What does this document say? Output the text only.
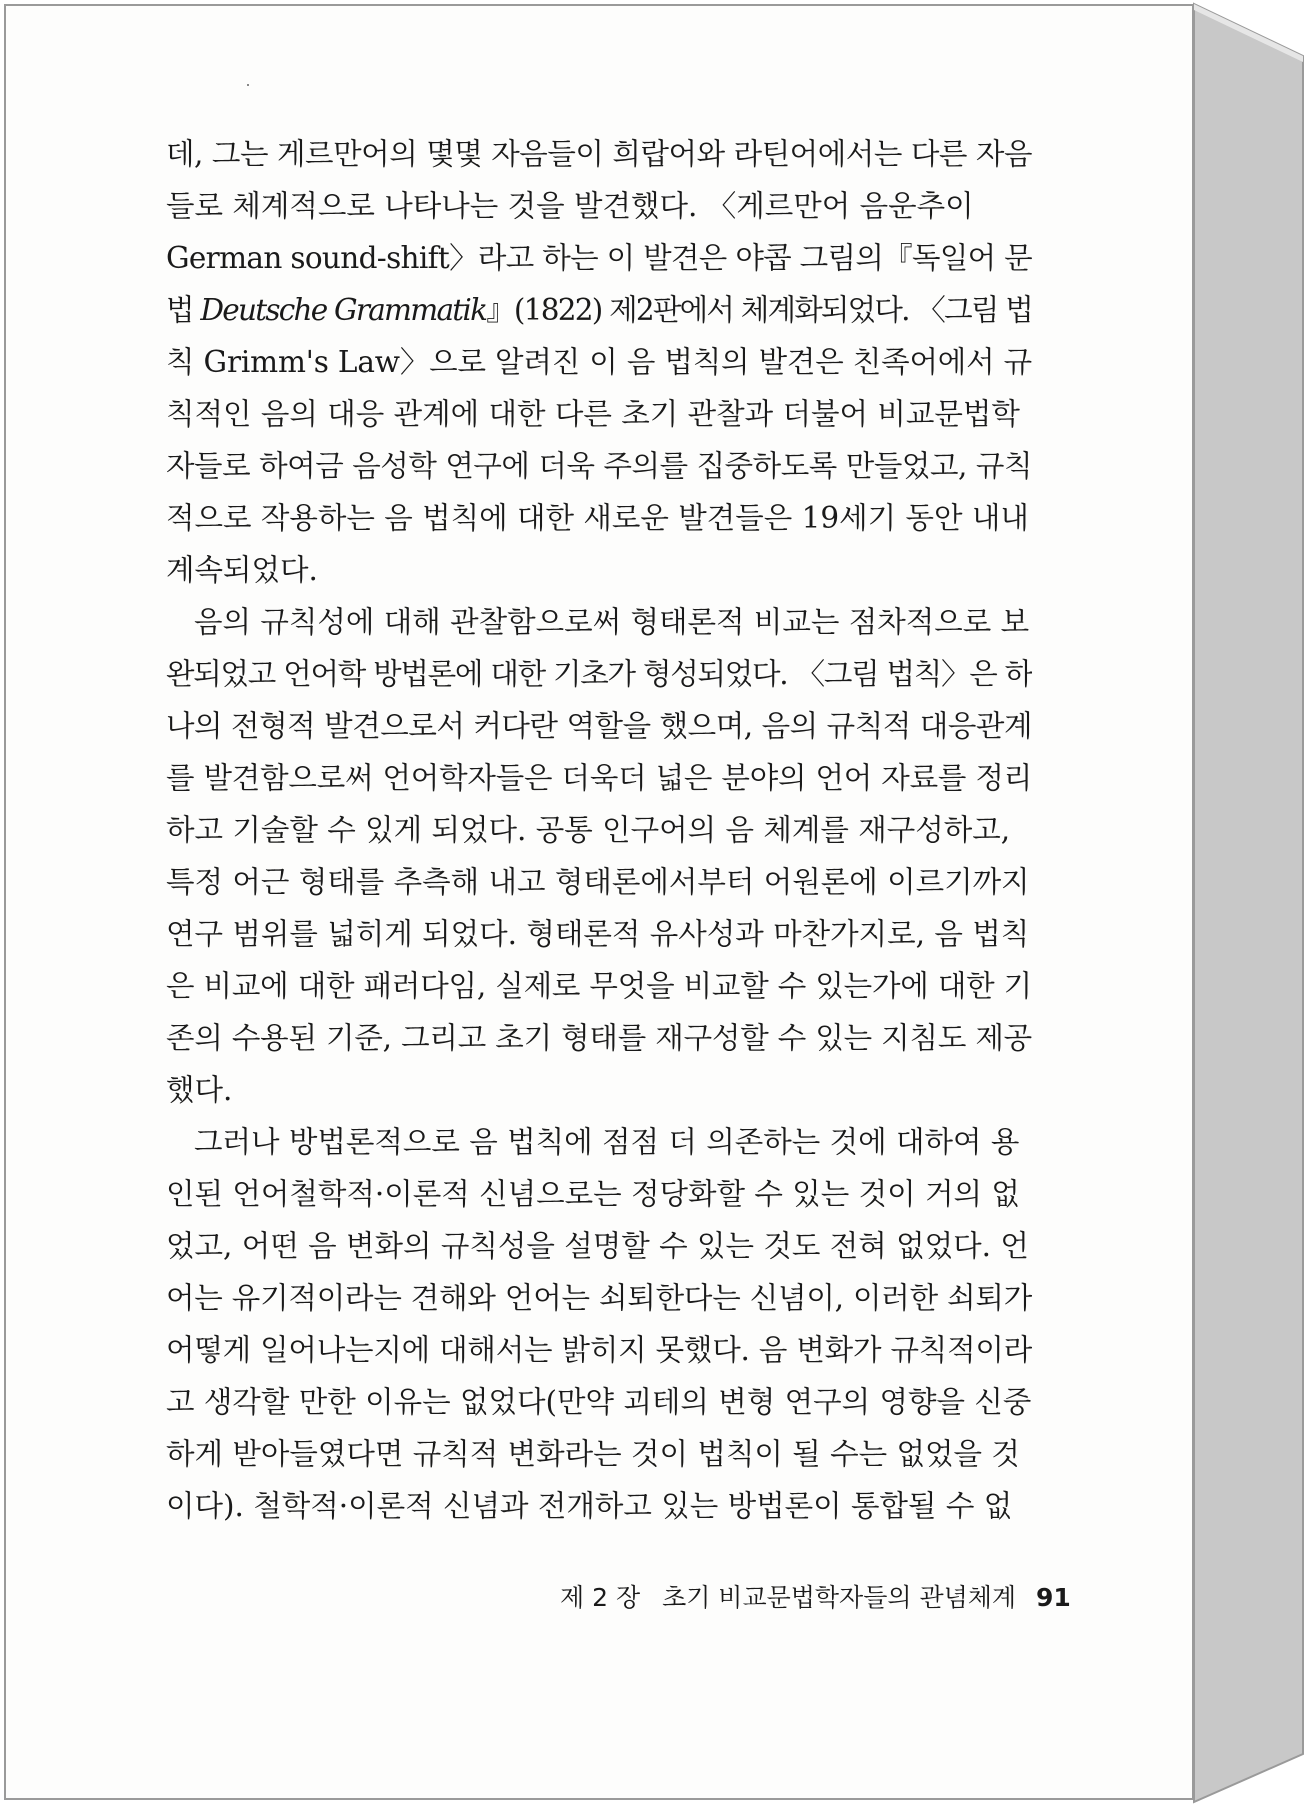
데, 그는 게르만어의 몇몇 자음들이 희랍어와 라틴어에서는 다른 자음
들로 체계적으로 나타나는 것을 발견했다. 〈게르만어 음운추이
German sound-shift〉라고 하는 이 발견은 야콥 그림의『독일어 문
법 Deutsche Grammatik』(1822) 제2판에서 체계화되었다. 〈그림 법
칙 Grimm's Law〉으로 알려진 이 음 법칙의 발견은 친족어에서 규
칙적인 음의 대응 관계에 대한 다른 초기 관찰과 더불어 비교문법학
자들로 하여금 음성학 연구에 더욱 주의를 집중하도록 만들었고, 규칙
적으로 작용하는 음 법칙에 대한 새로운 발견들은 19세기 동안 내내
계속되었다.
음의 규칙성에 대해 관찰함으로써 형태론적 비교는 점차적으로 보
완되었고 언어학 방법론에 대한 기초가 형성되었다. 〈그림 법칙〉은 하
나의 전형적 발견으로서 커다란 역할을 했으며, 음의 규칙적 대응관계
를 발견함으로써 언어학자들은 더욱더 넓은 분야의 언어 자료를 정리
하고 기술할 수 있게 되었다. 공통 인구어의 음 체계를 재구성하고,
특정 어근 형태를 추측해 내고 형태론에서부터 어원론에 이르기까지
연구 범위를 넓히게 되었다. 형태론적 유사성과 마찬가지로, 음 법칙
은 비교에 대한 패러다임, 실제로 무엇을 비교할 수 있는가에 대한 기
존의 수용된 기준, 그리고 초기 형태를 재구성할 수 있는 지침도 제공
했다.
그러나 방법론적으로 음 법칙에 점점 더 의존하는 것에 대하여 용
인된 언어철학적·이론적 신념으로는 정당화할 수 있는 것이 거의 없
었고, 어떤 음 변화의 규칙성을 설명할 수 있는 것도 전혀 없었다. 언
어는 유기적이라는 견해와 언어는 쇠퇴한다는 신념이, 이러한 쇠퇴가
어떻게 일어나는지에 대해서는 밝히지 못했다. 음 변화가 규칙적이라
고 생각할 만한 이유는 없었다(만약 괴테의 변형 연구의 영향을 신중
하게 받아들였다면 규칙적 변화라는 것이 법칙이 될 수는 없었을 것
이다). 철학적·이론적 신념과 전개하고 있는 방법론이 통합될 수 없
제 2 장 초기 비교문법학자들의 관념체계 91
